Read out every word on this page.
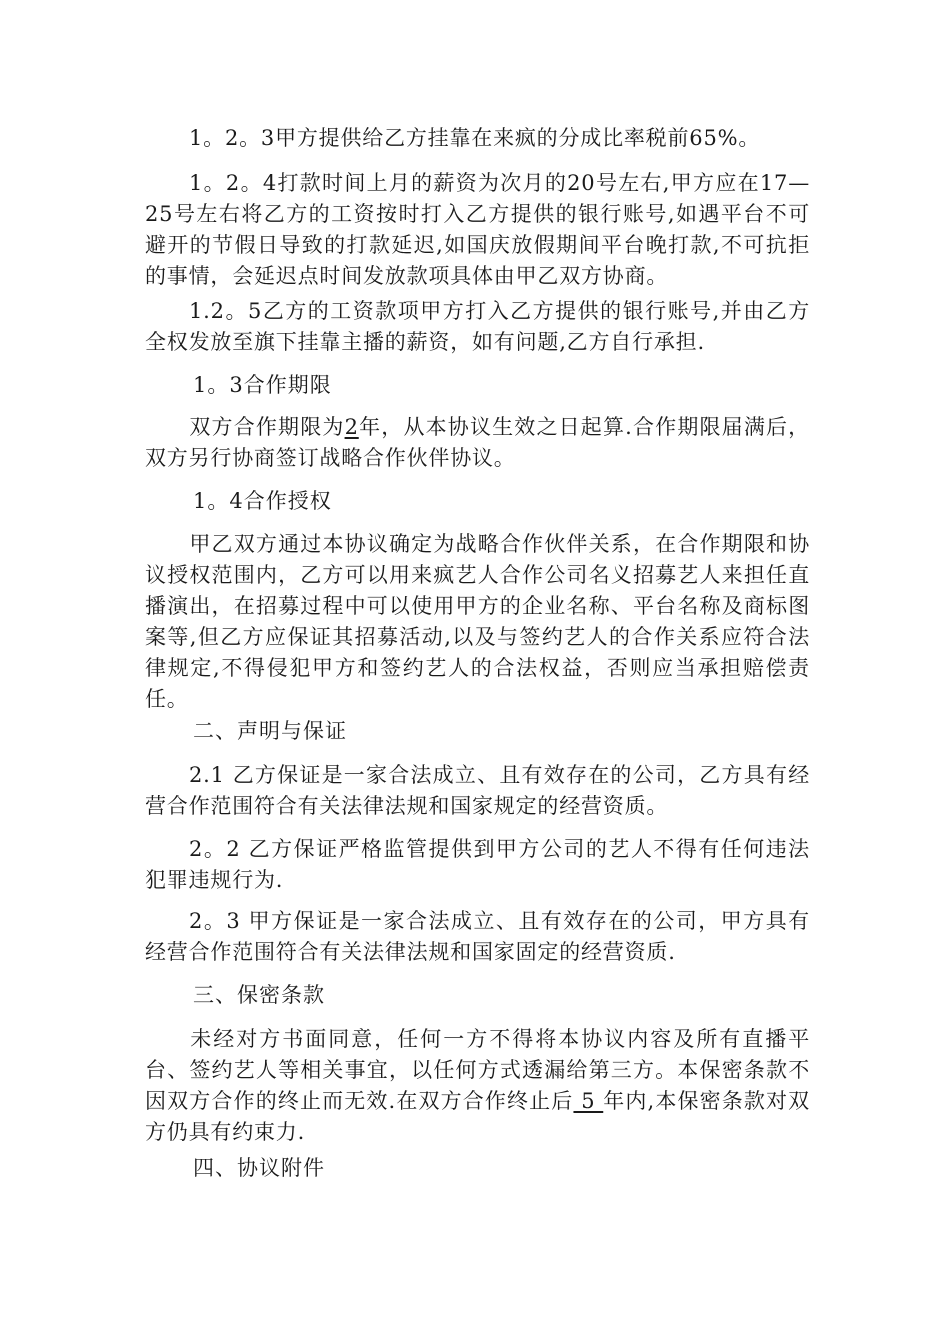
1。2。3甲方提供给乙方挂靠在来疯的分成比率税前65%。

1。2。4打款时间上月的薪资为次月的20号左右,甲方应在17—25号左右将乙方的工资按时打入乙方提供的银行账号,如遇平台不可避开的节假日导致的打款延迟,如国庆放假期间平台晚打款,不可抗拒的事情，会延迟点时间发放款项具体由甲乙双方协商。

1.2。5乙方的工资款项甲方打入乙方提供的银行账号,并由乙方全权发放至旗下挂靠主播的薪资，如有问题,乙方自行承担.

1。3合作期限

双方合作期限为2年，从本协议生效之日起算.合作期限届满后，双方另行协商签订战略合作伙伴协议。

1。4合作授权

甲乙双方通过本协议确定为战略合作伙伴关系，在合作期限和协议授权范围内，乙方可以用来疯艺人合作公司名义招募艺人来担任直播演出，在招募过程中可以使用甲方的企业名称、平台名称及商标图案等,但乙方应保证其招募活动,以及与签约艺人的合作关系应符合法律规定,不得侵犯甲方和签约艺人的合法权益，否则应当承担赔偿责任。

二、声明与保证

2.1 乙方保证是一家合法成立、且有效存在的公司，乙方具有经营合作范围符合有关法律法规和国家规定的经营资质。

2。2 乙方保证严格监管提供到甲方公司的艺人不得有任何违法犯罪违规行为.

2。3 甲方保证是一家合法成立、且有效存在的公司，甲方具有经营合作范围符合有关法律法规和国家固定的经营资质.

三、保密条款

未经对方书面同意，任何一方不得将本协议内容及所有直播平台、签约艺人等相关事宜，以任何方式透漏给第三方。本保密条款不因双方合作的终止而无效.在双方合作终止后 5 年内,本保密条款对双方仍具有约束力.

四、协议附件
